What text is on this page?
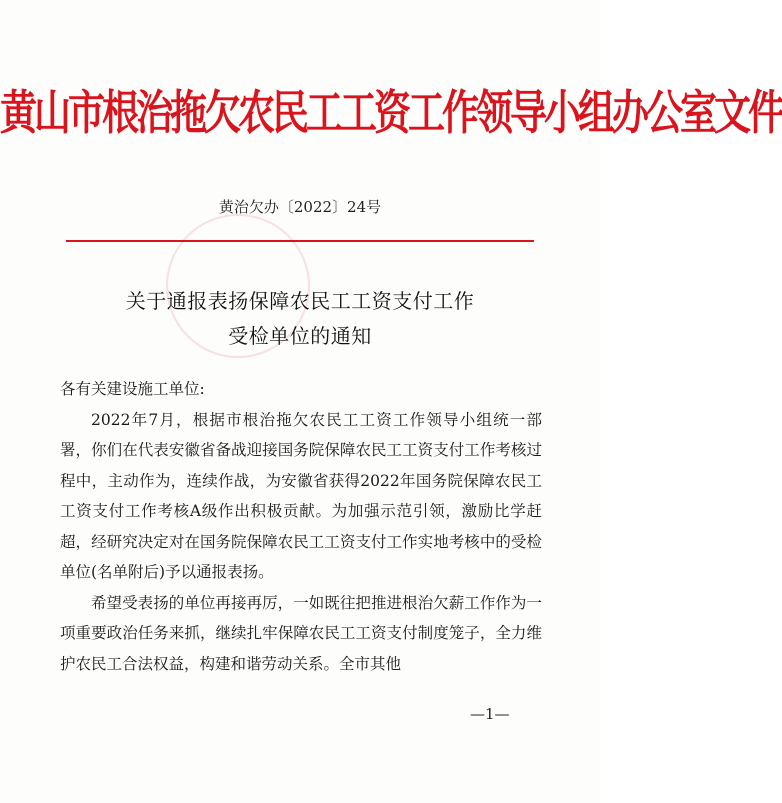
黄山市根治拖欠农民工工资工作领导小组办公室文件
黄治欠办〔2022〕24号
关于通报表扬保障农民工工资支付工作
受检单位的通知

各有关建设施工单位:

2022年7月，根据市根治拖欠农民工工资工作领导小组统一部署，你们在代表安徽省备战迎接国务院保障农民工工资支付工作考核过程中，主动作为，连续作战，为安徽省获得2022年国务院保障农民工工资支付工作考核A级作出积极贡献。为加强示范引领，激励比学赶超，经研究决定对在国务院保障农民工工资支付工作实地考核中的受检单位(名单附后)予以通报表扬。

希望受表扬的单位再接再厉，一如既往把推进根治欠薪工作作为一项重要政治任务来抓，继续扎牢保障农民工工资支付制度笼子，全力维护农民工合法权益，构建和谐劳动关系。全市其他

—1—
